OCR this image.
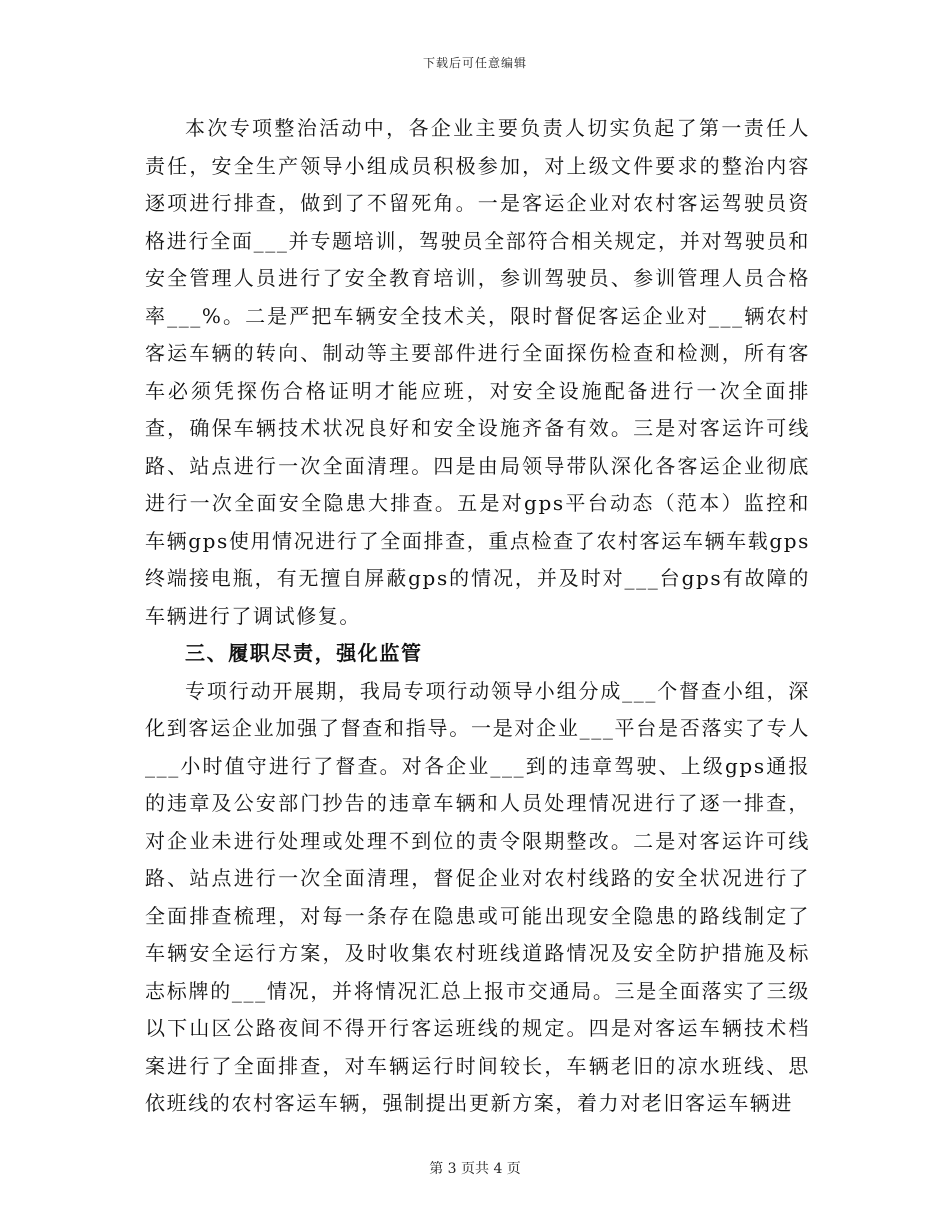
下载后可任意编辑

本次专项整治活动中，各企业主要负责人切实负起了第一责任人责任，安全生产领导小组成员积极参加，对上级文件要求的整治内容逐项进行排查，做到了不留死角。一是客运企业对农村客运驾驶员资格进行全面___并专题培训，驾驶员全部符合相关规定，并对驾驶员和安全管理人员进行了安全教育培训，参训驾驶员、参训管理人员合格率___%。二是严把车辆安全技术关，限时督促客运企业对___辆农村客运车辆的转向、制动等主要部件进行全面探伤检查和检测，所有客车必须凭探伤合格证明才能应班，对安全设施配备进行一次全面排查，确保车辆技术状况良好和安全设施齐备有效。三是对客运许可线路、站点进行一次全面清理。四是由局领导带队深化各客运企业彻底进行一次全面安全隐患大排查。五是对gps平台动态（范本）监控和车辆gps使用情况进行了全面排查，重点检查了农村客运车辆车载gps终端接电瓶，有无擅自屏蔽gps的情况，并及时对___台gps有故障的车辆进行了调试修复。

三、履职尽责，强化监管

专项行动开展期，我局专项行动领导小组分成___个督查小组，深化到客运企业加强了督查和指导。一是对企业___平台是否落实了专人___小时值守进行了督查。对各企业___到的违章驾驶、上级gps通报的违章及公安部门抄告的违章车辆和人员处理情况进行了逐一排查，对企业未进行处理或处理不到位的责令限期整改。二是对客运许可线路、站点进行一次全面清理，督促企业对农村线路的安全状况进行了全面排查梳理，对每一条存在隐患或可能出现安全隐患的路线制定了车辆安全运行方案，及时收集农村班线道路情况及安全防护措施及标志标牌的___情况，并将情况汇总上报市交通局。三是全面落实了三级以下山区公路夜间不得开行客运班线的规定。四是对客运车辆技术档案进行了全面排查，对车辆运行时间较长，车辆老旧的凉水班线、思依班线的农村客运车辆，强制提出更新方案，着力对老旧客运车辆进

第 3 页共 4 页
